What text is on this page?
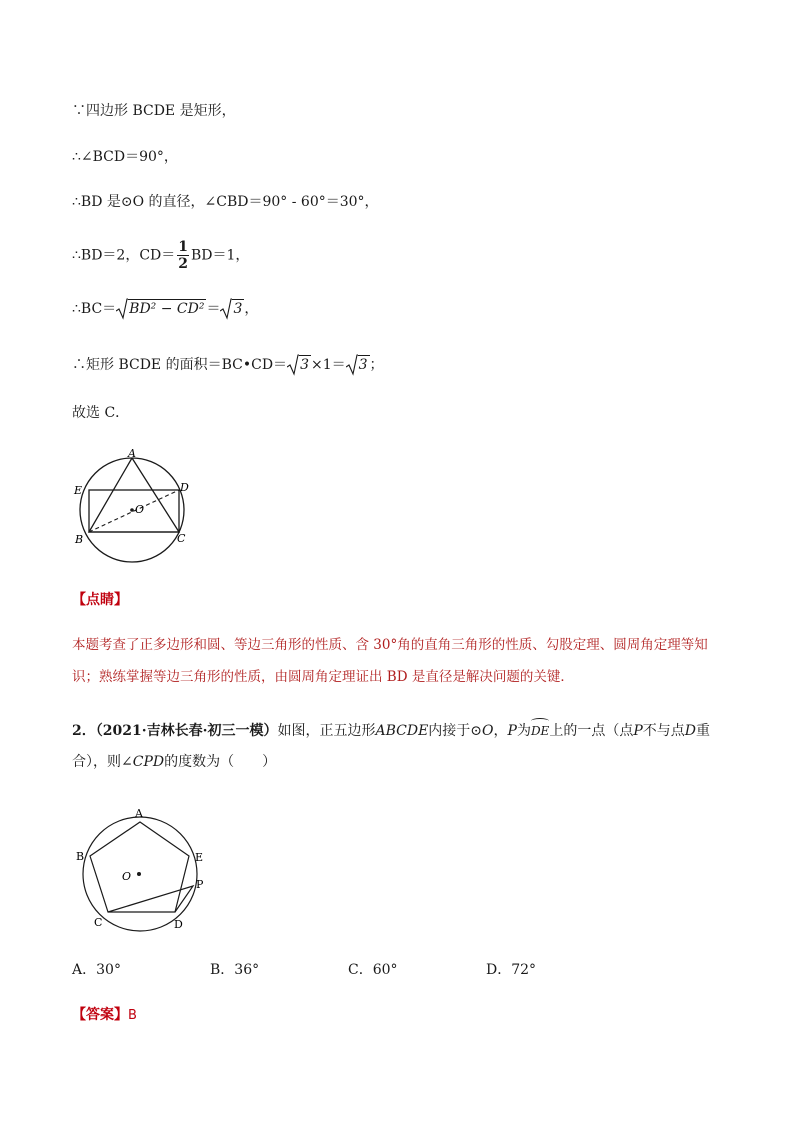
∵四边形 BCDE 是矩形，
∴∠BCD＝90°，
∴BD 是⊙O 的直径，∠CBD＝90° - 60°＝30°，
∴BD＝2，$CD= \frac{1}{2} BD=1$，
∴BC＝ BD² − CD² ＝ 3 ，
∴矩形 BCDE 的面积＝BC•CD＝ 3 ×1＝ 3 ；
故选 C．
A
E	D
O
B	C
【点睛】
本题考查了正多边形和圆、等边三角形的性质、含 30°角的直角三角形的性质、勾股定理、圆周角定理等知
识；熟练掌握等边三角形的性质，由圆周角定理证出 BD 是直径是解决问题的关键．
2．（2021·吉林长春·初三一模）如图，正五边形ABCDE内接于⊙O，P为DE上的一点（点P不与点D重
合），则∠CPD的度数为（　　）
A
B	E
O
P
C	D
A．30°	B．36°	C．60°	D．72°
【答案】B
